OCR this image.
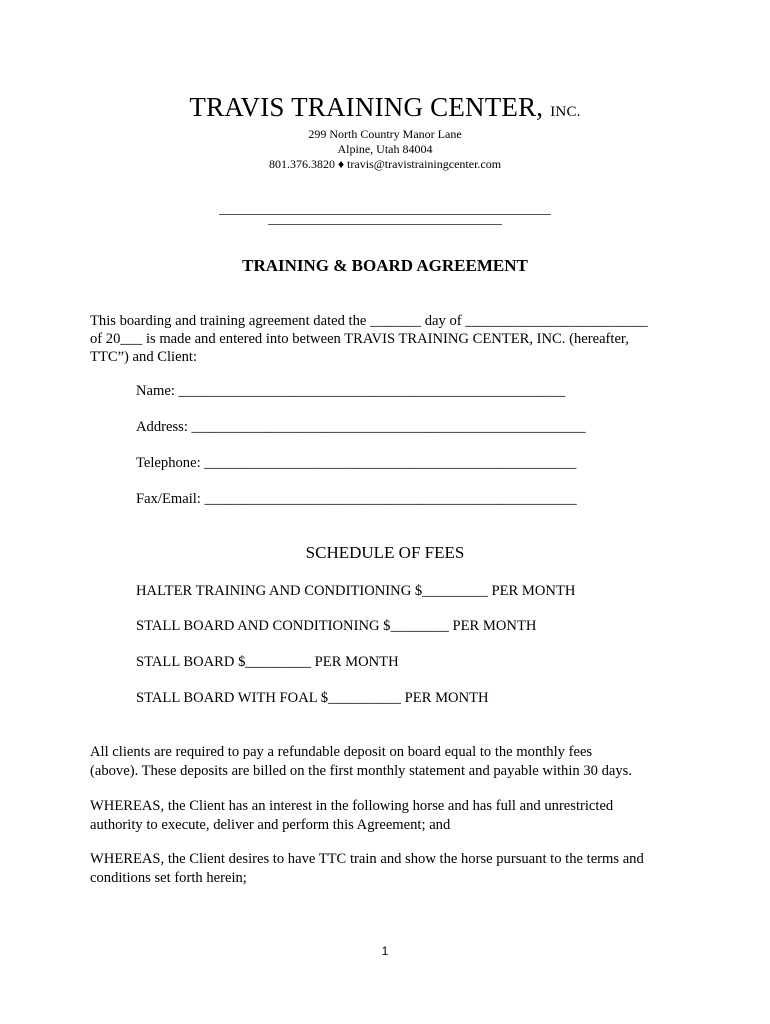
TRAVIS TRAINING CENTER, INC.
299 North Country Manor Lane
Alpine, Utah 84004
801.376.3820 ♦ travis@travistrainingcenter.com
TRAINING & BOARD AGREEMENT
This boarding and training agreement dated the _______ day of _________________________
of 20___ is made and entered into between TRAVIS TRAINING CENTER, INC. (hereafter,
TTC”) and Client:
Name: _____________________________________________________
Address: ______________________________________________________
Telephone: ___________________________________________________
Fax/Email: ___________________________________________________
SCHEDULE OF FEES
HALTER TRAINING AND CONDITIONING $_________ PER MONTH
STALL BOARD AND CONDITIONING $________ PER MONTH
STALL BOARD $_________ PER MONTH
STALL BOARD WITH FOAL $__________ PER MONTH
All clients are required to pay a refundable deposit on board equal to the monthly fees
(above). These deposits are billed on the first monthly statement and payable within 30 days.
WHEREAS, the Client has an interest in the following horse and has full and unrestricted
authority to execute, deliver and perform this Agreement; and
WHEREAS, the Client desires to have TTC train and show the horse pursuant to the terms and
conditions set forth herein;
1
